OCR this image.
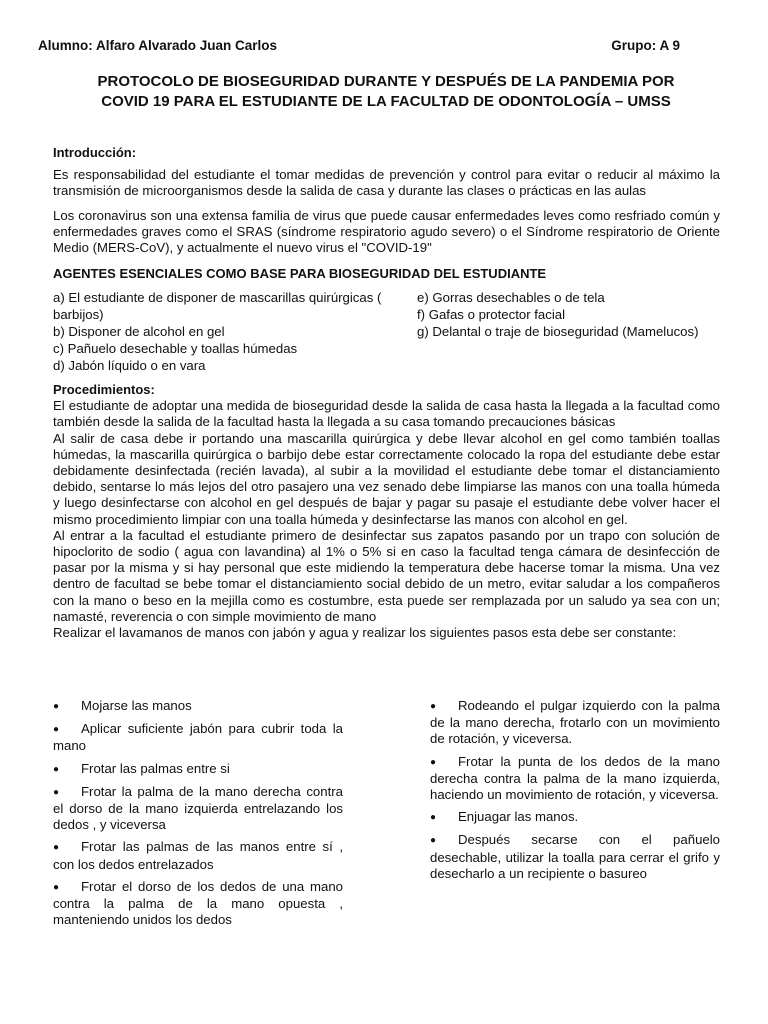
Alumno: Alfaro Alvarado Juan Carlos	Grupo: A 9
PROTOCOLO DE BIOSEGURIDAD DURANTE Y DESPUÉS DE LA PANDEMIA POR
COVID 19 PARA EL ESTUDIANTE DE LA FACULTAD DE ODONTOLOGÍA – UMSS

Introducción:

Es responsabilidad del estudiante el tomar medidas de prevención y control para evitar o reducir al máximo la transmisión de microorganismos desde la salida de casa y durante las clases o prácticas en las aulas

Los coronavirus son una extensa familia de virus que puede causar enfermedades leves como resfriado común y enfermedades graves como el SRAS (síndrome respiratorio agudo severo) o el Síndrome respiratorio de Oriente Medio (MERS-CoV), y actualmente el nuevo virus el "COVID-19"

AGENTES ESENCIALES COMO BASE PARA BIOSEGURIDAD DEL ESTUDIANTE

a) El estudiante de disponer de mascarillas quirúrgicas ( barbijos)

b) Disponer de alcohol en gel

c) Pañuelo desechable y toallas húmedas

d) Jabón líquido o en vara

e) Gorras desechables o de tela

f) Gafas o protector facial

g) Delantal o traje de bioseguridad (Mamelucos)

Procedimientos:

El estudiante de adoptar una medida de bioseguridad desde la salida de casa hasta la llegada a la facultad como también desde la salida de la facultad hasta la llegada a su casa tomando precauciones básicas

Al salir de casa debe ir portando una mascarilla quirúrgica y debe llevar alcohol en gel como también toallas húmedas, la mascarilla quirúrgica o barbijo debe estar correctamente colocado la ropa del estudiante debe estar debidamente desinfectada (recién lavada), al subir a la movilidad el estudiante debe tomar el distanciamiento debido, sentarse lo más lejos del otro pasajero una vez senado debe limpiarse las manos con una toalla húmeda y luego desinfectarse con alcohol en gel después de bajar y pagar su pasaje el estudiante debe volver hacer el mismo procedimiento limpiar con una toalla húmeda y desinfectarse las manos con alcohol en gel.

Al entrar a la facultad el estudiante primero de desinfectar sus zapatos pasando por un trapo con solución de hipoclorito de sodio ( agua con lavandina) al 1% o 5% si en caso la facultad tenga cámara de desinfección de pasar por la misma y si hay personal que este midiendo la temperatura debe hacerse tomar la misma. Una vez dentro de facultad se bebe tomar el distanciamiento social debido de un metro, evitar saludar a los compañeros con la mano o beso en la mejilla como es costumbre, esta puede ser remplazada por un saludo ya sea con un; namasté, reverencia o con simple movimiento de mano

Realizar el lavamanos de manos con jabón y agua y realizar los siguientes pasos esta debe ser constante:

● Mojarse las manos

● Aplicar suficiente jabón para cubrir toda la mano

● Frotar las palmas entre si

● Frotar la palma de la mano derecha contra el dorso de la mano izquierda entrelazando los dedos , y viceversa

● Frotar las palmas de las manos entre sí , con los dedos entrelazados

● Frotar el dorso de los dedos de una mano contra la palma de la mano opuesta , manteniendo unidos los dedos

● Rodeando el pulgar izquierdo con la palma de la mano derecha, frotarlo con un movimiento de rotación, y viceversa.

● Frotar la punta de los dedos de la mano derecha contra la palma de la mano izquierda, haciendo un movimiento de rotación, y viceversa.

● Enjuagar las manos.

● Después secarse con el pañuelo desechable, utilizar la toalla para cerrar el grifo y desecharlo a un recipiente o basureo
